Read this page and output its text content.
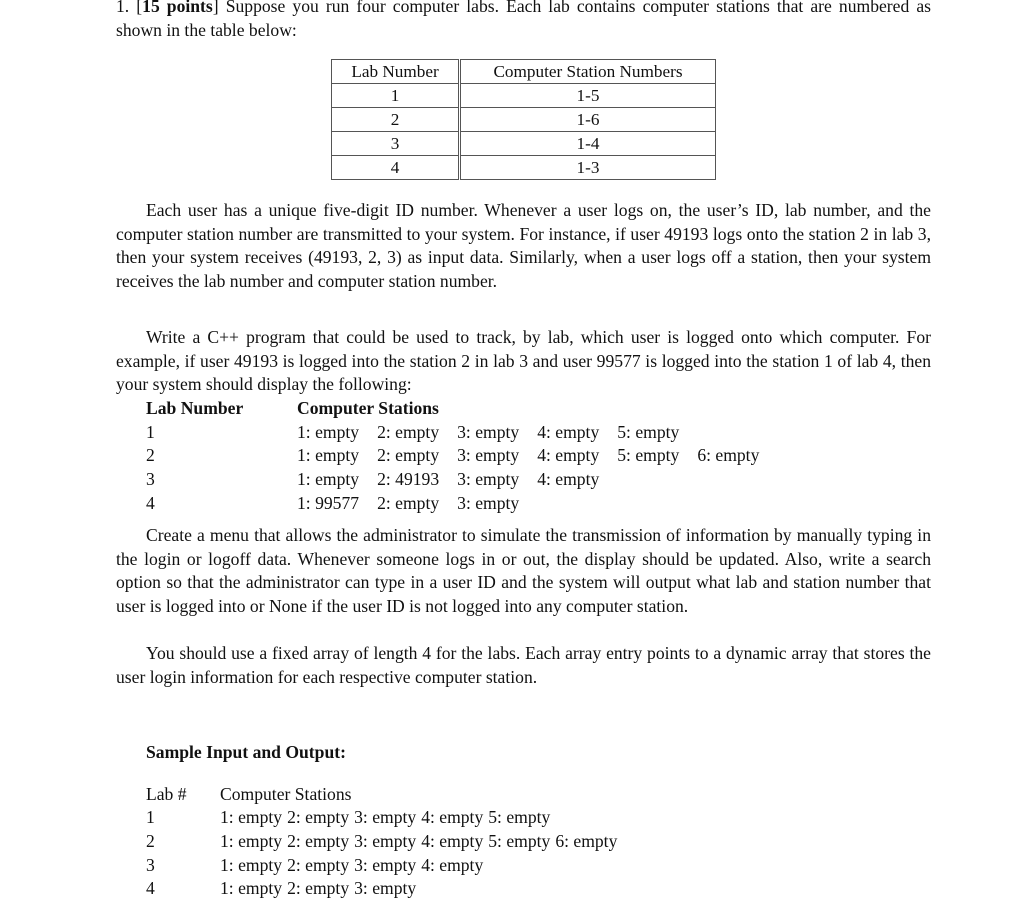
1. [15 points] Suppose you run four computer labs. Each lab contains computer stations that are numbered as shown in the table below:

Lab Number	Computer Station Numbers
1	1-5
2	1-6
3	1-4
4	1-3

Each user has a unique five-digit ID number. Whenever a user logs on, the user’s ID, lab number, and the computer station number are transmitted to your system. For instance, if user 49193 logs onto the station 2 in lab 3, then your system receives (49193, 2, 3) as input data. Similarly, when a user logs off a station, then your system receives the lab number and computer station number.

Write a C++ program that could be used to track, by lab, which user is logged onto which computer. For example, if user 49193 is logged into the station 2 in lab 3 and user 99577 is logged into the station 1 of lab 4, then your system should display the following:

Lab Number	Computer Stations
1	1: empty 2: empty 3: empty 4: empty 5: empty
2	1: empty 2: empty 3: empty 4: empty 5: empty 6: empty
3	1: empty 2: 49193 3: empty 4: empty
4	1: 99577 2: empty 3: empty

Create a menu that allows the administrator to simulate the transmission of information by manually typing in the login or logoff data. Whenever someone logs in or out, the display should be updated. Also, write a search option so that the administrator can type in a user ID and the system will output what lab and station number that user is logged into or None if the user ID is not logged into any computer station.

You should use a fixed array of length 4 for the labs. Each array entry points to a dynamic array that stores the user login information for each respective computer station.

Sample Input and Output:
Lab #	Computer Stations
1	1: empty 2: empty 3: empty 4: empty 5: empty
2	1: empty 2: empty 3: empty 4: empty 5: empty 6: empty
3	1: empty 2: empty 3: empty 4: empty
4	1: empty 2: empty 3: empty
